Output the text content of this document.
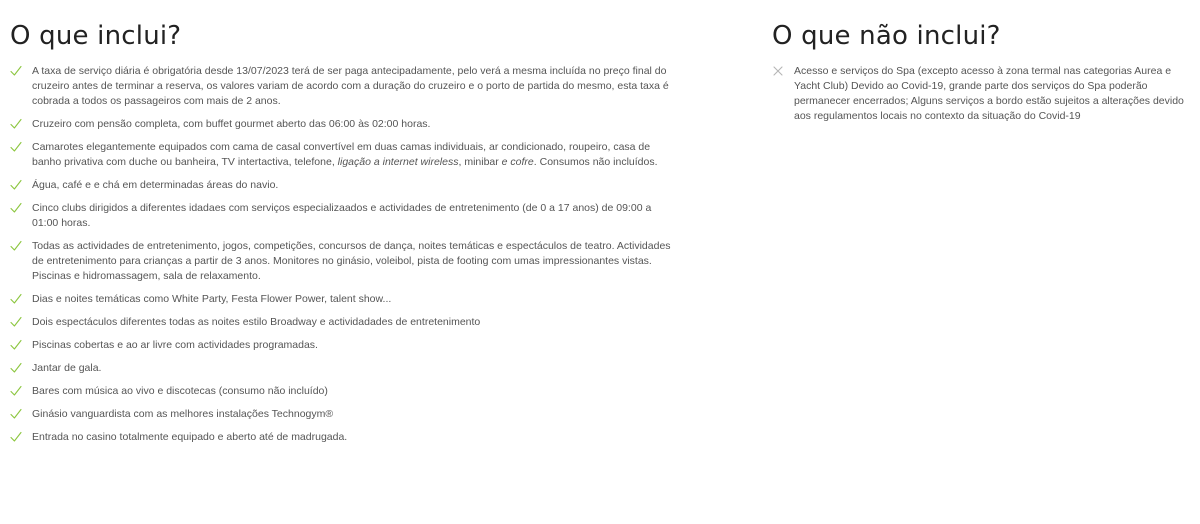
O que inclui?
A taxa de serviço diária é obrigatória desde 13/07/2023 terá de ser paga antecipadamente, pelo verá a mesma incluída no preço final do cruzeiro antes de terminar a reserva, os valores variam de acordo com a duração do cruzeiro e o porto de partida do mesmo, esta taxa é cobrada a todos os passageiros com mais de 2 anos.
Cruzeiro com pensão completa, com buffet gourmet aberto das 06:00 às 02:00 horas.
Camarotes elegantemente equipados com cama de casal convertível em duas camas individuais, ar condicionado, roupeiro, casa de banho privativa com duche ou banheira, TV intertactiva, telefone, ligação a internet wireless, minibar e cofre. Consumos não incluídos.
Água, café e e chá em determinadas áreas do navio.
Cinco clubs dirigidos a diferentes idadaes com serviços especializaados e actividades de entretenimento (de 0 a 17 anos) de 09:00 a 01:00 horas.
Todas as actividades de entretenimento, jogos, competições, concursos de dança, noites temáticas e espectáculos de teatro. Actividades de entretenimento para crianças a partir de 3 anos. Monitores no ginásio, voleibol, pista de footing com umas impressionantes vistas. Piscinas e hidromassagem, sala de relaxamento.
Dias e noites temáticas como White Party, Festa Flower Power, talent show...
Dois espectáculos diferentes todas as noites estilo Broadway e actividadades de entretenimento
Piscinas cobertas e ao ar livre com actividades programadas.
Jantar de gala.
Bares com música ao vivo e discotecas (consumo não incluído)
Ginásio vanguardista com as melhores instalações Technogym®
Entrada no casino totalmente equipado e aberto até de madrugada.
O que não inclui?
Acesso e serviços do Spa (excepto acesso à zona termal nas categorias Aurea e Yacht Club) Devido ao Covid-19, grande parte dos serviços do Spa poderão permanecer encerrados; Alguns serviços a bordo estão sujeitos a alterações devido aos regulamentos locais no contexto da situação do Covid-19
